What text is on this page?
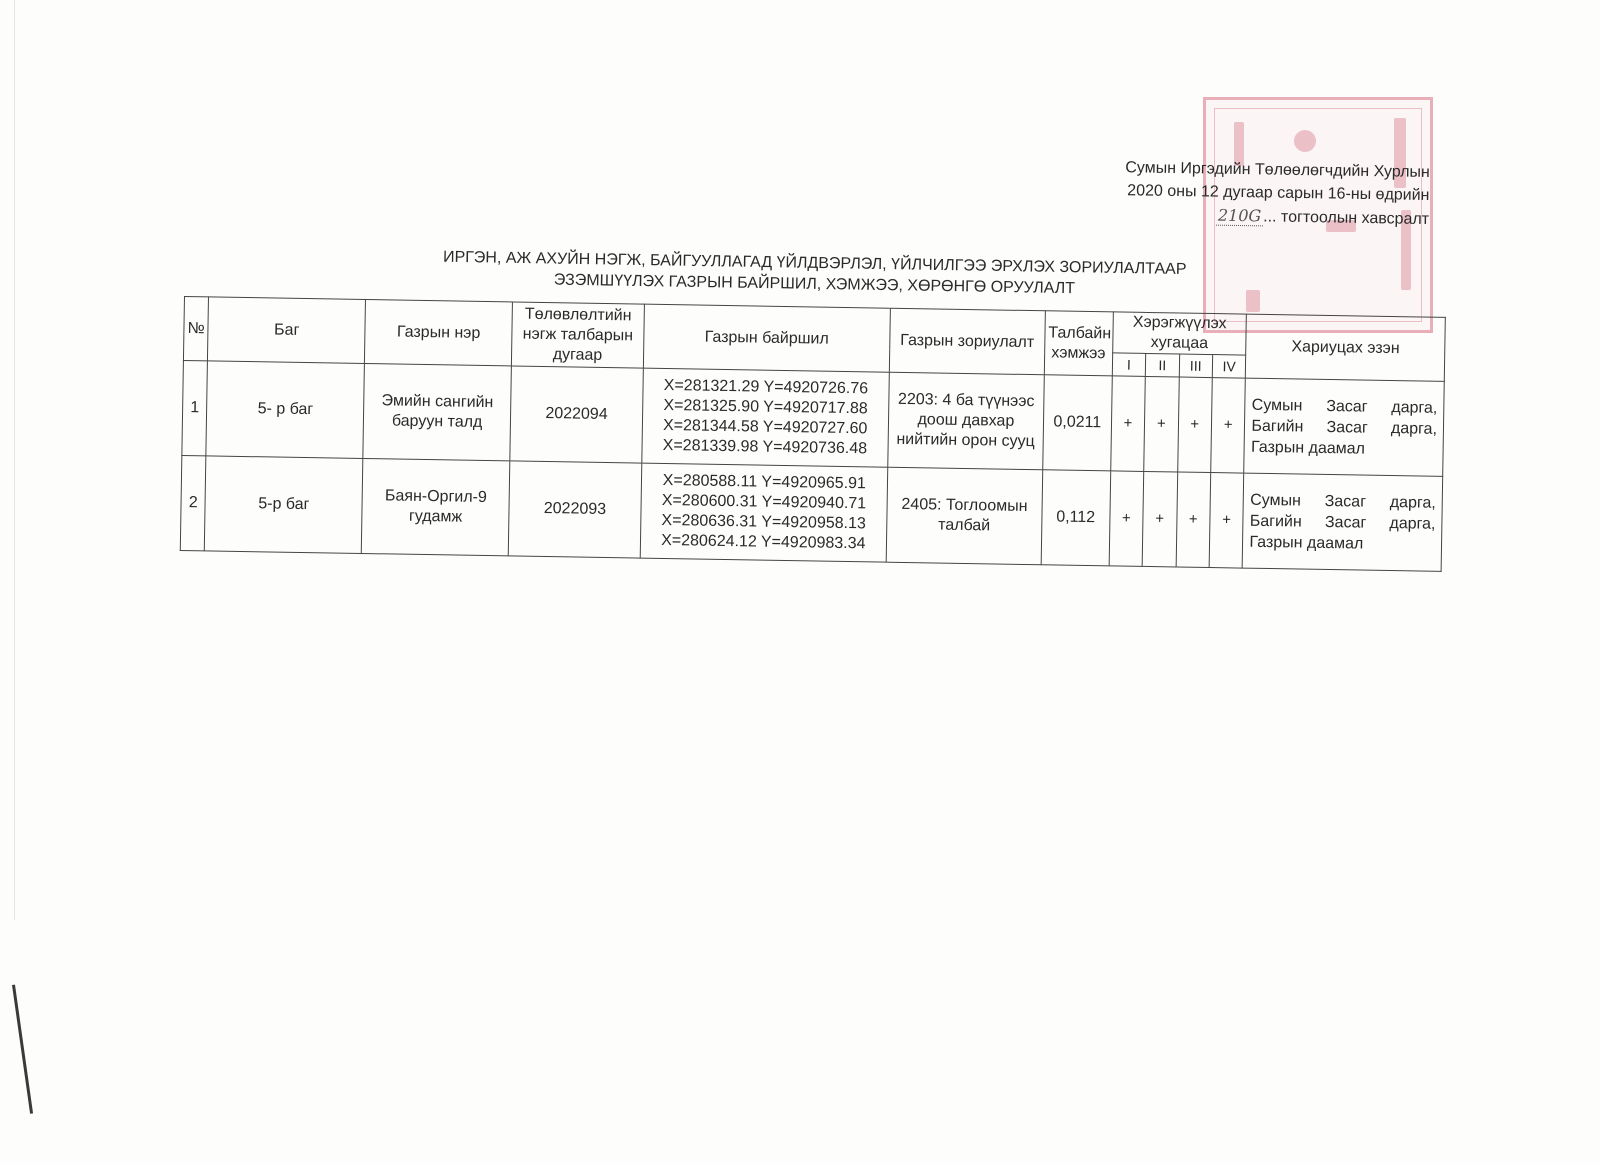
Сумын Иргэдийн Төлөөлөгчдийн Хурлын
2020 оны 12 дугаар сарын 16-ны өдрийн
210G ... тогтоолын хавсралт
ИРГЭН, АЖ АХУЙН НЭГЖ, БАЙГУУЛЛАГАД ҮЙЛДВЭРЛЭЛ, ҮЙЛЧИЛГЭЭ ЭРХЛЭХ ЗОРИУЛАЛТААР
ЭЗЭМШҮҮЛЭХ ГАЗРЫН БАЙРШИЛ, ХЭМЖЭЭ, ХӨРӨНГӨ ОРУУЛАЛТ
№	Баг	Газрын нэр	Төлөвлөлтийн нэгж талбарын дугаар	Газрын байршил	Газрын зориулалт	Талбайн хэмжээ	Хэрэгжүүлэх хугацаа				Хариуцах эзэн
							I	II	III	IV	
1	5- р баг	Эмийн сангийн баруун талд	2022094	X=281321.29 Y=4920726.76
X=281325.90 Y=4920717.88
X=281344.58 Y=4920727.60
X=281339.98 Y=4920736.48	2203: 4 ба түүнээс доош давхар нийтийн орон сууц	0,0211	+	+	+	+	Сумын Засаг дарга, Багийн Засаг дарга, Газрын даамал
2	5-р баг	Баян-Оргил-9 гудамж	2022093	X=280588.11 Y=4920965.91
X=280600.31 Y=4920940.71
X=280636.31 Y=4920958.13
X=280624.12 Y=4920983.34	2405: Тоглоомын талбай	0,112	+	+	+	+	Сумын Засаг дарга, Багийн Засаг дарга, Газрын даамал
